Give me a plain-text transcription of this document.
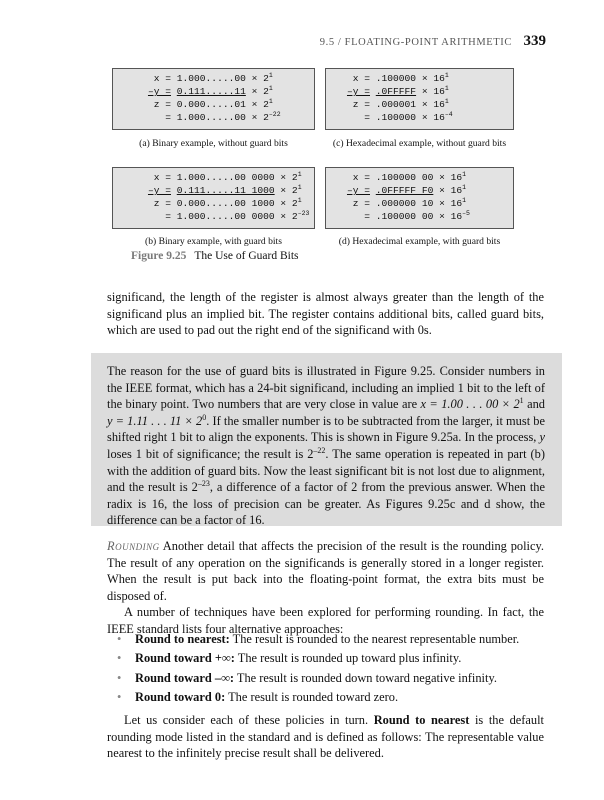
9.5 / FLOATING-POINT ARITHMETIC 339
$x = 1.000.....00 \times 2^1$
$-y = 0.111.....11 \times 2^1$
$z = 0.000.....01 \times 2^1$
= $1.000.....00 \times 2^{-22}$
(a) Binary example, without guard bits
$x = .100000 \times 16^1$
–y = .0FFFFF × $16^1$
$z = .000001 \times 16^1$
= $.100000 \times 16^{-4}$
(c) Hexadecimal example, without guard bits
x = 1.000.....00 $0000 \times 2^1$
–y = 0.111.....11 $1000 \times 2^1$
z = 0.000.....00 $1000 \times 2^1$
= 1.000.....00 $0000 \times 2^{-23}$
(b) Binary example, with guard bits
x = .100000 $00 \times 16^1$
–y = .0FFFFF $F0 \times 16^1$
z = .000000 $10 \times 16^1$
= .100000 $00 \times 16^{-5}$
(d) Hexadecimal example, with guard bits
Figure 9.25 The Use of Guard Bits

significand, the length of the register is almost always greater than the length of the significand plus an implied bit. The register contains additional bits, called guard bits, which are used to pad out the right end of the significand with 0s.

The reason for the use of guard bits is illustrated in Figure 9.25. Consider numbers in the IEEE format, which has a 24-bit significand, including an implied 1 bit to the left of the binary point. Two numbers that are very close in value are x = 1.00 . . . $00 \times 2^1$ and y = 1.11 . . . $11 \times 2^0$. If the smaller number is to be subtracted from the larger, it must be shifted right 1 bit to align the exponents. This is shown in Figure 9.25a. In the process, y loses 1 bit of significance; the result is $2^{-22}$. The same operation is repeated in part (b) with the addition of guard bits. Now the least significant bit is not lost due to alignment, and the result is $2^{-23}$, a difference of a factor of 2 from the previous answer. When the radix is 16, the loss of precision can be greater. As Figures 9.25c and d show, the difference can be a factor of 16.

Rounding Another detail that affects the precision of the result is the rounding policy. The result of any operation on the significands is generally stored in a longer register. When the result is put back into the floating-point format, the extra bits must be disposed of.

A number of techniques have been explored for performing rounding. In fact, the IEEE standard lists four alternative approaches:

• Round to nearest: The result is rounded to the nearest representable number.
• Round toward +∞: The result is rounded up toward plus infinity.
• Round toward –∞: The result is rounded down toward negative infinity.
• Round toward 0: The result is rounded toward zero.

Let us consider each of these policies in turn. Round to nearest is the default rounding mode listed in the standard and is defined as follows: The representable value nearest to the infinitely precise result shall be delivered.
